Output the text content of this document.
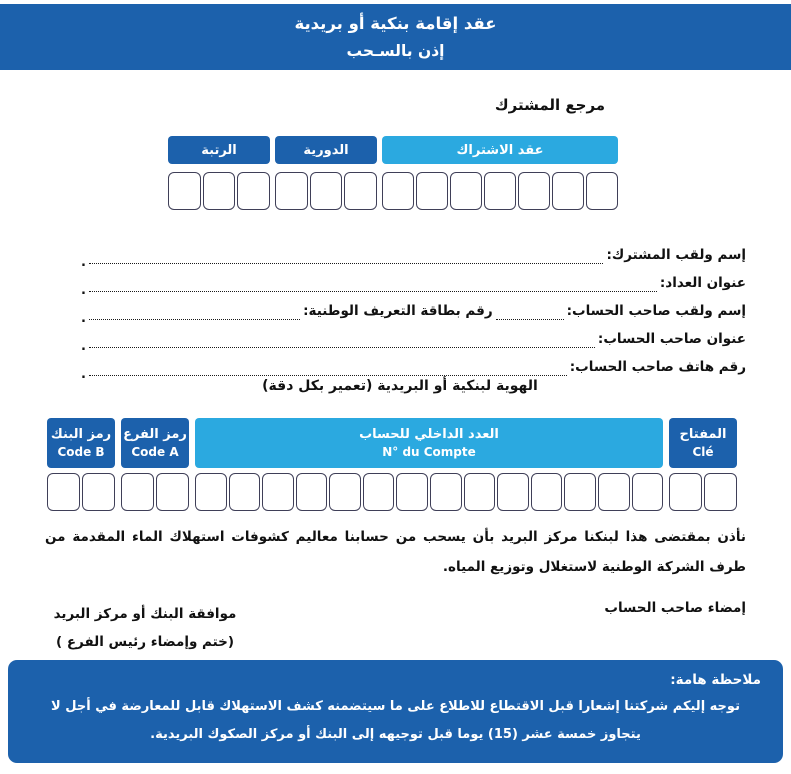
عقد إقامة بنكية أو بريدية
إذن بالسـحب
مرجع المشترك
الرتبة	الدورية	عقد الاشتراك
إسم ولقب المشترك:
.
عنوان العداد:
.
إسم ولقب صاحب الحساب:
رقم بطاقة التعريف الوطنية:
.
عنوان صاحب الحساب:
.
رقم هاتف صاحب الحساب:
.
الهوية لبنكية أو البريدية (تعمير بكل دقة)
رمز البنك
Code B
رمز الفرع
Code A
العدد الداخلي للحساب
N° du Compte
المفتاح
Clé

نأذن بمقتضى هذا لبنكنا مركز البريد بأن يسحب من حسابنا معاليم كشوفات استهلاك الماء المقدمة من طرف الشركة الوطنية لاستغلال وتوزيع المياه.

إمضاء صاحب الحساب
موافقة البنك أو مركز البريد
(ختم وإمضاء رئيس الفرع )
ملاحظة هامة:
توجه إليكم شركتنا إشعارا قبل الاقتطاع للاطلاع على ما سيتضمنه كشف الاستهلاك قابل للمعارضة في أجل لا يتجاوز خمسة عشر (15) يوما قبل توجيهه إلى البنك أو مركز الصكوك البريدية.
